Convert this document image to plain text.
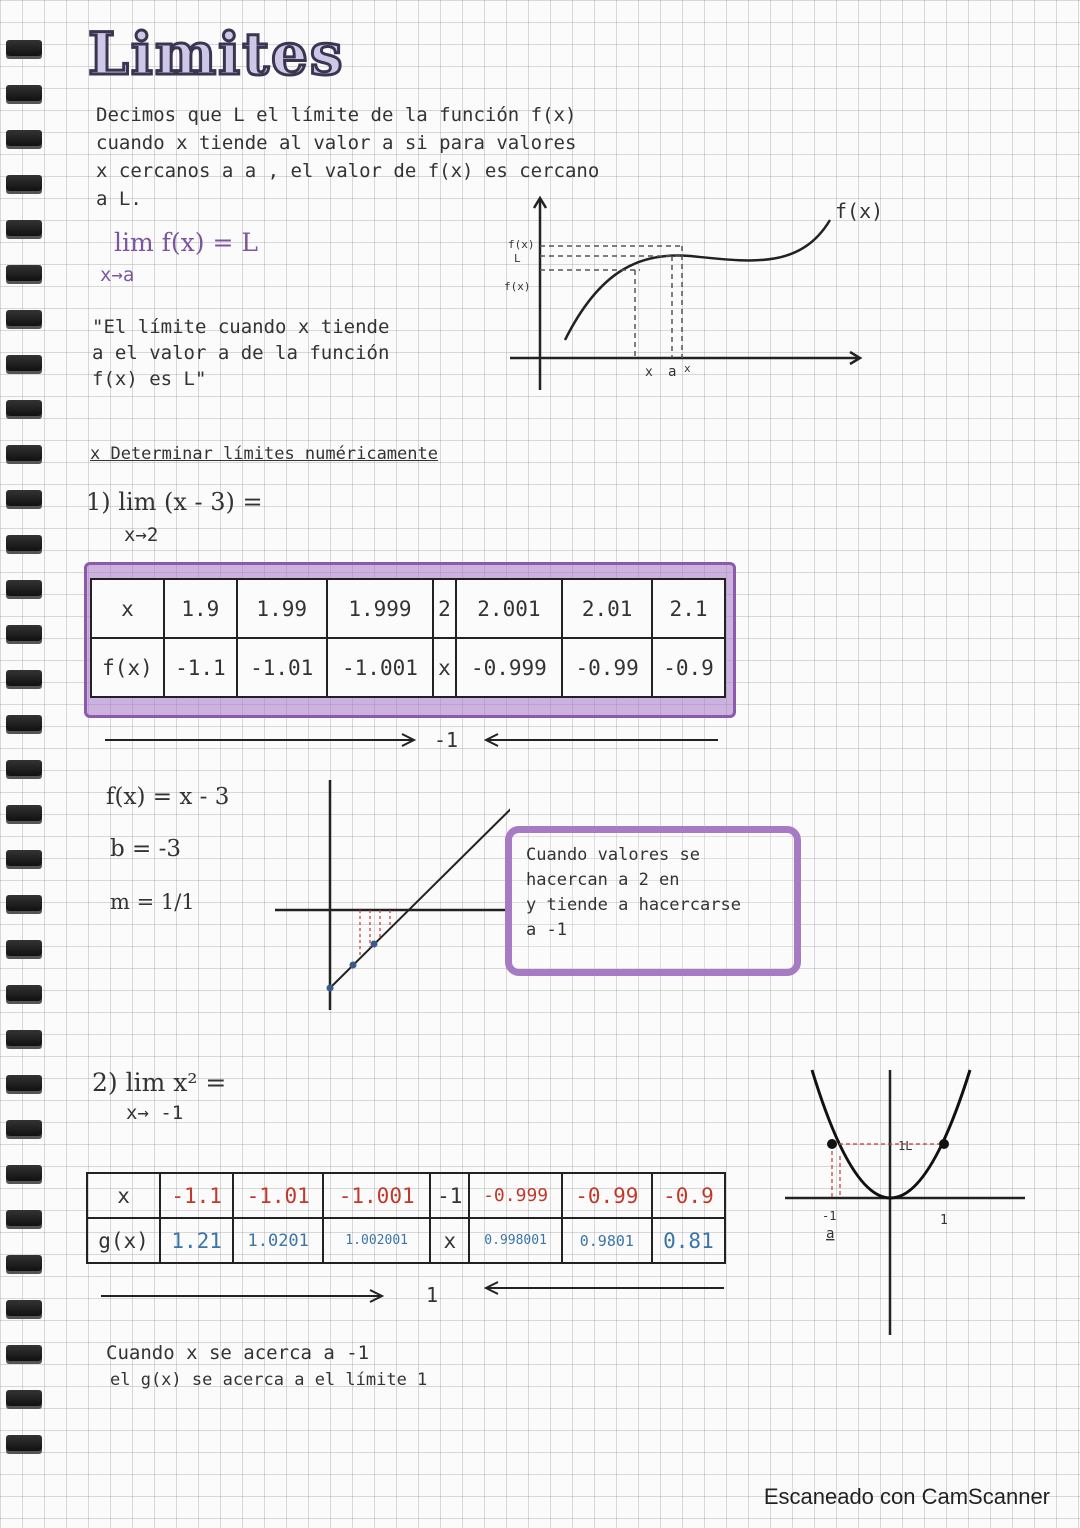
Limites
Decimos que L el límite de la función f(x)
cuando x tiende al valor a si para valores
x cercanos a a , el valor de f(x) es cercano
a L.
lim f(x) = L
x→a
"El límite cuando x tiende
a el valor a de la función
f(x) es L"
f(x)
L
f(x)
x a x
f(x)
x Determinar límites numéricamente
1) lim (x - 3) =
x→2
x	1.9	1.99	1.999	2	2.001	2.01	2.1
f(x)	-1.1	-1.01	-1.001	x	-0.999	-0.99	-0.9
-1
f(x) = x - 3
b = -3
m = 1/1
Cuando valores se
hacercan a 2 en
y tiende a hacercarse
a -1
2) lim x² =
x→ -1
x	-1.1	-1.01	-1.001	-1	-0.999	-0.99	-0.9
g(x)	1.21	1.0201	1.002001	x	0.998001	0.9801	0.81
1
1L
-1
a
1
Cuando x se acerca a -1
el g(x) se acerca a el límite 1
Escaneado con CamScanner
